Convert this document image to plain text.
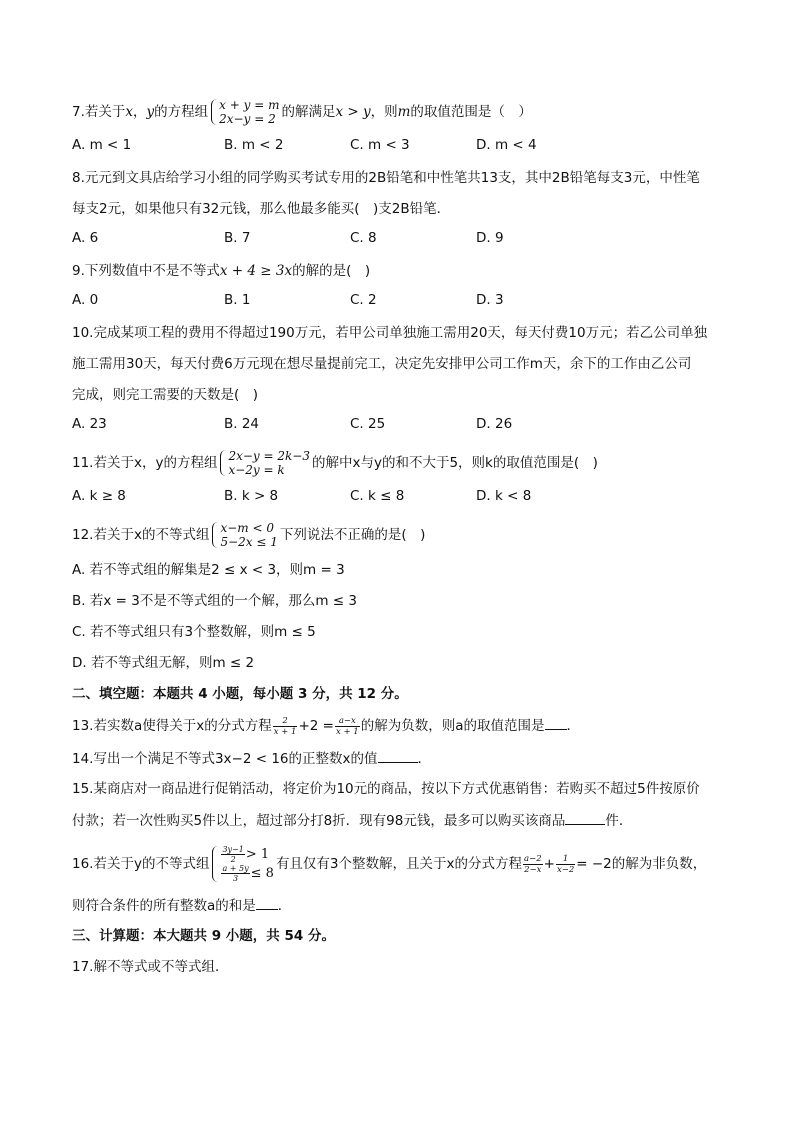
7.若关于x，y的方程组 x + y = m
2x−y = 2 的解满足x > y，则m的取值范围是（　）
A. m < 1	B. m < 2	C. m < 3	D. m < 4
8.元元到文具店给学习小组的同学购买考试专用的2B铅笔和中性笔共13支，其中2B铅笔每支3元，中性笔
每支2元，如果他只有32元钱，那么他最多能买(　)支2B铅笔．
A. 6	B. 7	C. 8	D. 9
9.下列数值中不是不等式x + 4 ≥ 3x的解的是(　)
A. 0	B. 1	C. 2	D. 3
10.完成某项工程的费用不得超过190万元，若甲公司单独施工需用20天，每天付费10万元；若乙公司单独
施工需用30天，每天付费6万元现在想尽量提前完工，决定先安排甲公司工作m天，余下的工作由乙公司
完成，则完工需要的天数是(　)
A. 23	B. 24	C. 25	D. 26
11.若关于x，y的方程组 2x−y = 2k−3
x−2y = k	的解中x与y的和不大于5，则k的取值范围是(　)
A. k ≥ 8	B. k > 8	C. k ≤ 8	D. k < 8
12.若关于x的不等式组 x−m < 0
5−2x ≤ 1 下列说法不正确的是(　)
A. 若不等式组的解集是2 ≤ x < 3，则m = 3
B. 若x = 3不是不等式组的一个解，那么m ≤ 3
C. 若不等式组只有3个整数解，则m ≤ 5
D. 若不等式组无解，则m ≤ 2
二、填空题：本题共 4 小题，每小题 3 分，共 12 分。
13.若实数a使得关于x的分式方程 $\frac{2}{x + 1} +2 = \frac{a-x}{x + 1}$ 的解为负数，则a的取值范围是 ．
14.写出一个满足不等式3x−2 < 16的正整数x的值	．
15.某商店对一商品进行促销活动，将定价为10元的商品，按以下方式优惠销售：若购买不超过5件按原价
付款；若一次性购买5件以上，超过部分打8折．现有98元钱，最多可以购买该商品	件．
16.若关于y的不等式组 $\frac{3y-1}{2} > 1$
$\frac{a + 5y}{3} \le 8$
有且仅有3个整数解，且关于x的分式方程 $\frac{a-2}{2-x} + \frac{1}{x-2} = -2$的解为非负数，
则符合条件的所有整数a的和是 ．
三、计算题：本大题共 9 小题，共 54 分。
17.解不等式或不等式组．
